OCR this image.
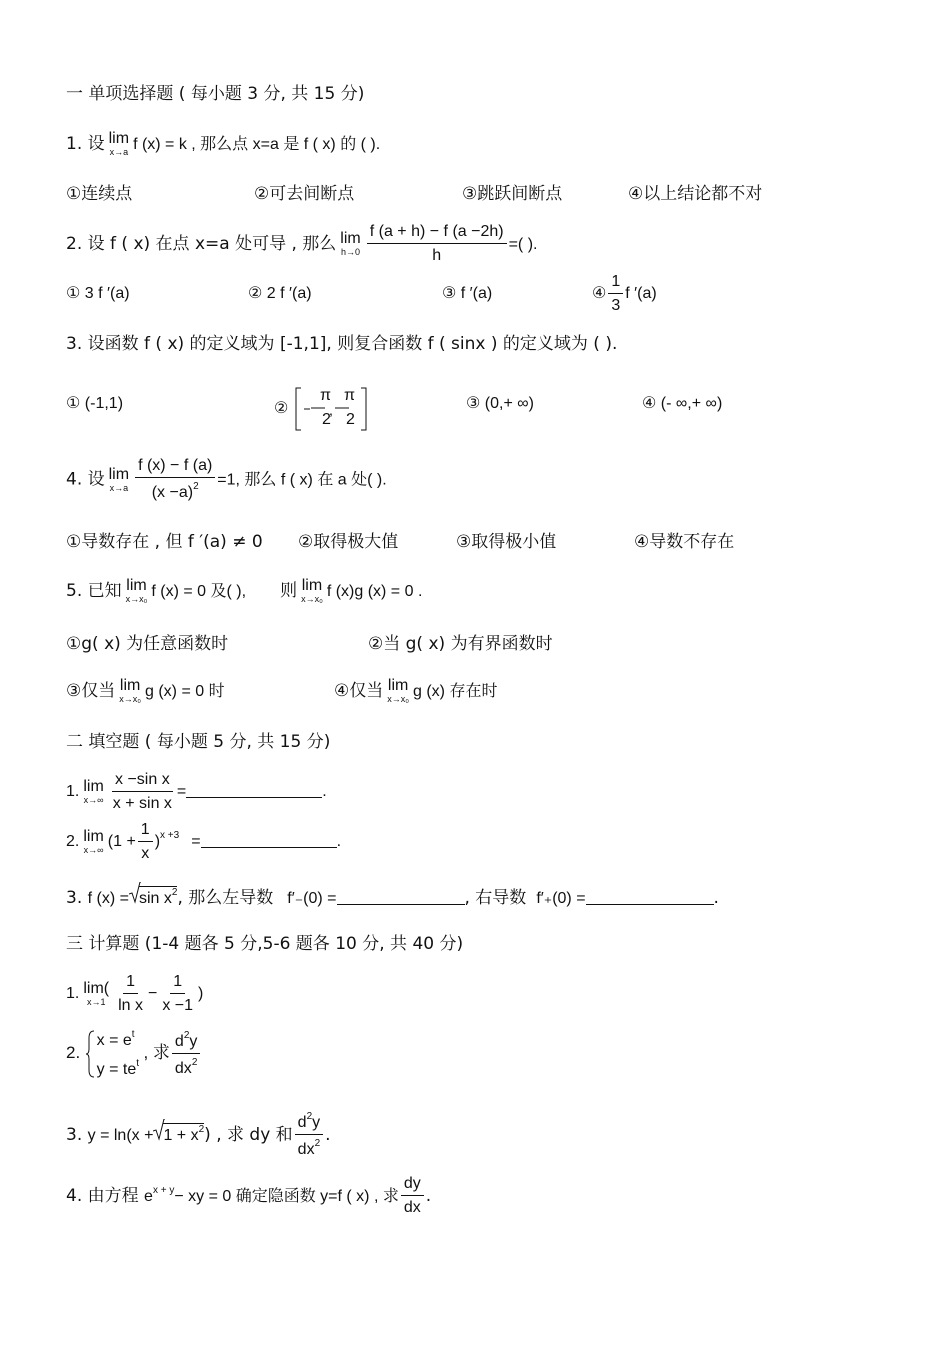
一 单项选择题 ( 每小题 3 分, 共 15 分)
1. 设 lim
x→a f (x) = k , 那么点 x=a 是 f ( x) 的 ( ).
①连续点	②可去间断点	③跳跃间断点	④以上结论都不对
2. 设 f ( x) 在点 x=a 处可导 , 那么 lim
$h\to 0 \frac{f (a + h) - f (a -2h)}{h}$ =( ).
① 3 f ′(a)	② 2 f ′(a)	③ f ′(a)	④ $\frac{1}{3}$ f ′(a)
3. 设函数 f ( x) 的定义域为 [-1,1], 则复合函数 f ( sinx ) 的定义域为 ( ).
① (-1,1)	②	,
π
2
π
2
③ (0,+ ∞)	④ (- ∞,+ ∞)
4. 设 lim
$x\to a \frac{f (x) - f (a)}{(x -a)^2} =1$, 那么 f ( x) 在 a 处( ).
①导数存在 , 但 f ′(a) ≠ 0 ②取得极大值	③取得极小值	④导数不存在
5. 已知 lim
x→x₀ f (x) = 0 及( ), 则 lim
x→x₀ f (x)g (x) = 0 .
①g( x) 为任意函数时	②当 g( x) 为有界函数时
③仅当 lim
x→x₀ g (x) = 0 时	④仅当 lim
x→x₀ g (x) 存在时
二 填空题 ( 每小题 5 分, 共 15 分)
1. lim
$x\to\infty \frac{\text{x −sin x}}{\text{x + sin x}}$ =	.
2. lim
x→∞ $(1 + \frac{1}{x} )^{x +3}$ =	.
3. f $(x) = \sin x^2$, 那么左导数 f′₋(0) =	, 右导数 f′₊(0) =	.
三 计算题 (1-4 题各 5 分,5-6 题各 10 分, 共 40 分)
1. lim(
$x\to 1 \frac{1}{\text{ln x}} - \frac{1}{x -1}$ )
2.
$x = e^t$
$y = te^t$
, 求 $\frac{d^2y}{dx^2}$
3. $y = \ln(x + 1 + x^2)$ , 求 dy 和 $\frac{d^2y}{dx^2}$ .
4. 由方程 $e^{x + y}-$ xy = 0 确定隐函数 y=f ( x) , 求 $\frac{dy}{dx}$ .
